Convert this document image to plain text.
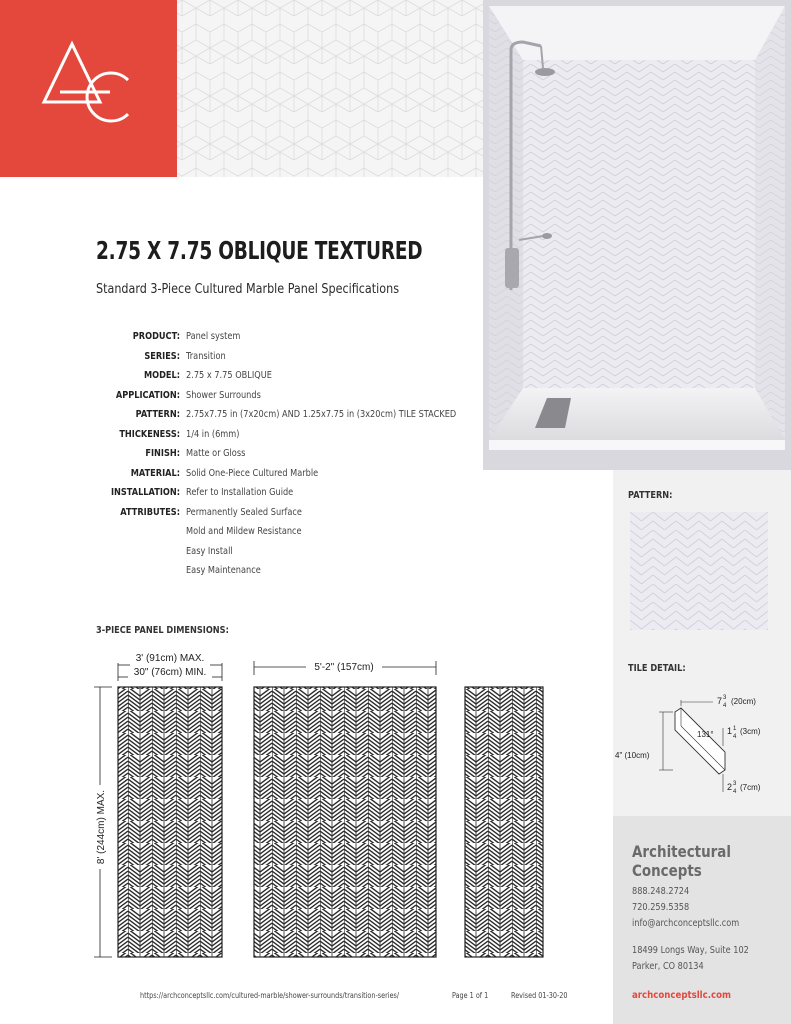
2.75 X 7.75 OBLIQUE TEXTURED
Standard 3-Piece Cultured Marble Panel Specifications
PRODUCT: Panel system
SERIES: Transition
MODEL: 2.75 x 7.75 OBLIQUE
APPLICATION: Shower Surrounds
PATTERN: 2.75x7.75 in (7x20cm) AND 1.25x7.75 in (3x20cm) TILE STACKED
THICKENESS: 1/4 in (6mm)
FINISH: Matte or Gloss
MATERIAL: Solid One-Piece Cultured Marble
INSTALLATION: Refer to Installation Guide
ATTRIBUTES: Permanently Sealed Surface
Mold and Mildew Resistance
Easy Install
Easy Maintenance
3-PIECE PANEL DIMENSIONS:
3' (91cm) MAX.
30" (76cm) MIN.	5'-2" (157cm)
8' (244cm) MAX.
PATTERN:
TILE DETAIL:
7 3
4 (20cm)
131° 1 1
4
(3cm)
4" (10cm)
2 3
4 (7cm)
Architectural
Concepts
888.248.2724
720.259.5358
info@archconceptsllc.com
18499 Longs Way, Suite 102
Parker, CO 80134
archconceptsllc.com
https://archconceptsllc.com/cultured-marble/shower-surrounds/transition-series/	Page 1 of 1	Revised 01-30-20
